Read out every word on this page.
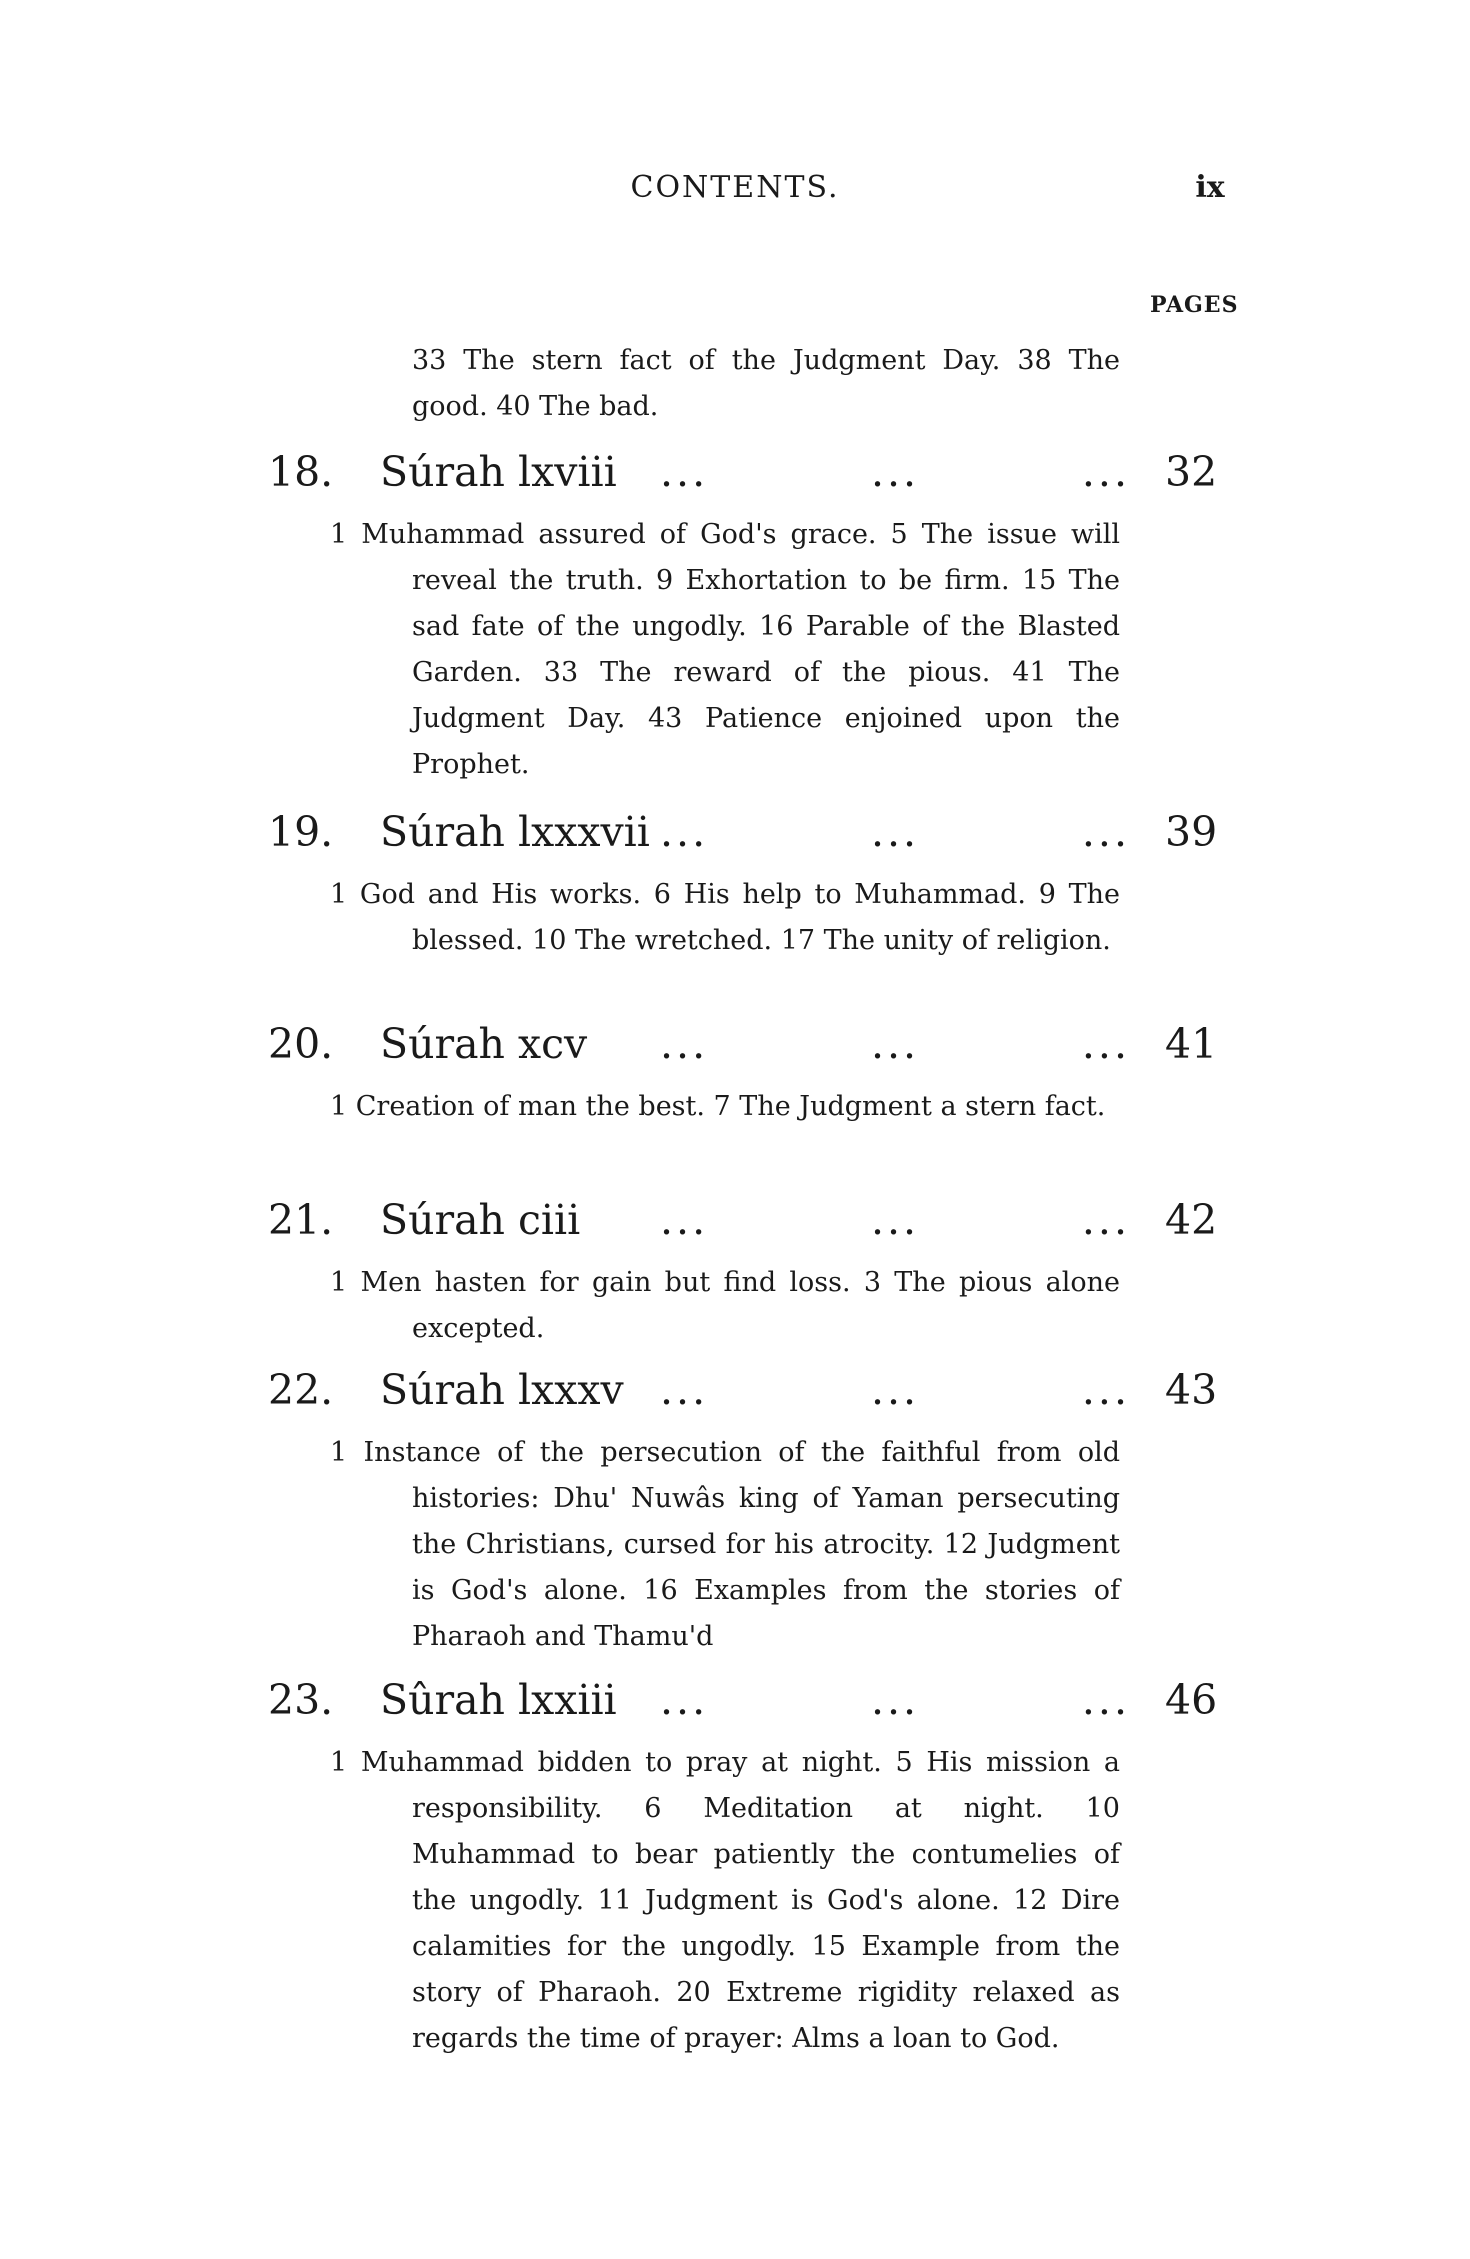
CONTENTS.	ix
PAGES
33 The stern fact of the Judgment Day. 38 The good. 40 The bad.
18. Súrah lxviii ...	...	... 32

1 Muhammad assured of God's grace. 5 The issue will reveal the truth. 9 Exhortation to be firm. 15 The sad fate of the ungodly. 16 Parable of the Blasted Garden. 33 The reward of the pious. 41 The Judgment Day. 43 Patience enjoined upon the Prophet.

19. Súrah lxxxvii ...	...	... 39

1 God and His works. 6 His help to Muhammad. 9 The blessed. 10 The wretched. 17 The unity of religion.

20. Súrah xcv ...	...	... 41

1 Creation of man the best. 7 The Judgment a stern fact.

21. Súrah ciii ...	...	... 42

1 Men hasten for gain but find loss. 3 The pious alone excepted.

22. Súrah lxxxv ...	...	... 43

1 Instance of the persecution of the faithful from old histories: Dhu' Nuwâs king of Yaman persecuting the Christians, cursed for his atrocity. 12 Judgment is God's alone. 16 Examples from the stories of Pharaoh and Thamu'd

23. Sûrah lxxiii ...	...	... 46

1 Muhammad bidden to pray at night. 5 His mission a responsibility. 6 Meditation at night. 10 Muhammad to bear patiently the contumelies of the ungodly. 11 Judgment is God's alone. 12 Dire calamities for the ungodly. 15 Example from the story of Pharaoh. 20 Extreme rigidity relaxed as regards the time of prayer: Alms a loan to God.
